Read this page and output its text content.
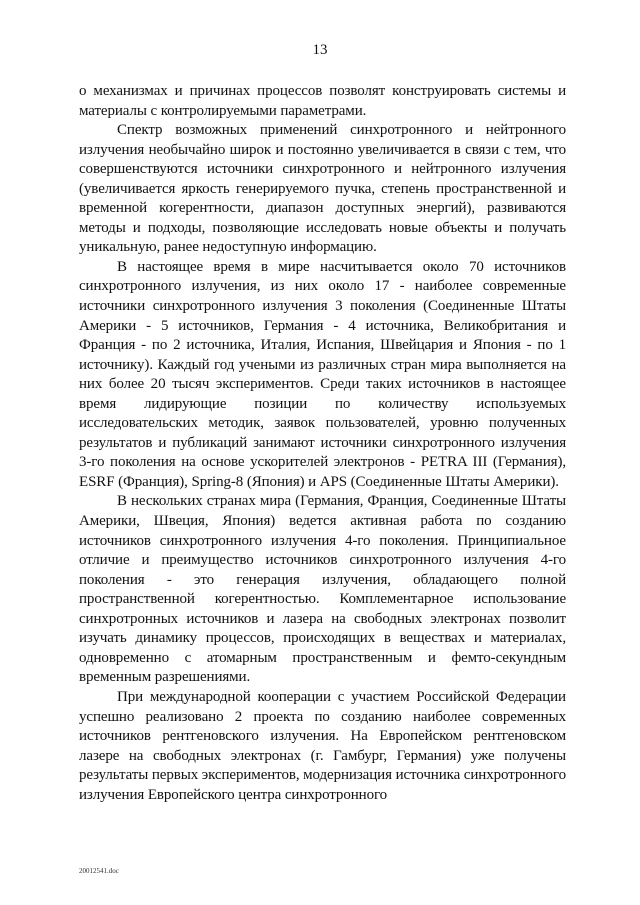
13

о механизмах и причинах процессов позволят конструировать системы и материалы с контролируемыми параметрами.

Спектр возможных применений синхротронного и нейтронного излучения необычайно широк и постоянно увеличивается в связи с тем, что совершенствуются источники синхротронного и нейтронного излучения (увеличивается яркость генерируемого пучка, степень пространственной и временной когерентности, диапазон доступных энергий), развиваются методы и подходы, позволяющие исследовать новые объекты и получать уникальную, ранее недоступную информацию.

В настоящее время в мире насчитывается около 70 источников синхротронного излучения, из них около 17 - наиболее современные источники синхротронного излучения 3 поколения (Соединенные Штаты Америки - 5 источников, Германия - 4 источника, Великобритания и Франция - по 2 источника, Италия, Испания, Швейцария и Япония - по 1 источнику). Каждый год учеными из различных стран мира выполняется на них более 20 тысяч экспериментов. Среди таких источников в настоящее время лидирующие позиции по количеству используемых исследовательских методик, заявок пользователей, уровню полученных результатов и публикаций занимают источники синхротронного излучения 3-го поколения на основе ускорителей электронов - PETRA III (Германия), ESRF (Франция), Spring-8 (Япония) и APS (Соединенные Штаты Америки).

В нескольких странах мира (Германия, Франция, Соединенные Штаты Америки, Швеция, Япония) ведется активная работа по созданию источников синхротронного излучения 4-го поколения. Принципиальное отличие и преимущество источников синхротронного излучения 4-го поколения - это генерация излучения, обладающего полной пространственной когерентностью. Комплементарное использование синхротронных источников и лазера на свободных электронах позволит изучать динамику процессов, происходящих в веществах и материалах, одновременно с атомарным пространственным и фемто-секундным временным разрешениями.

При международной кооперации с участием Российской Федерации успешно реализовано 2 проекта по созданию наиболее современных источников рентгеновского излучения. На Европейском рентгеновском лазере на свободных электронах (г. Гамбург, Германия) уже получены результаты первых экспериментов, модернизация источника синхротронного излучения Европейского центра синхротронного

20012541.doc
